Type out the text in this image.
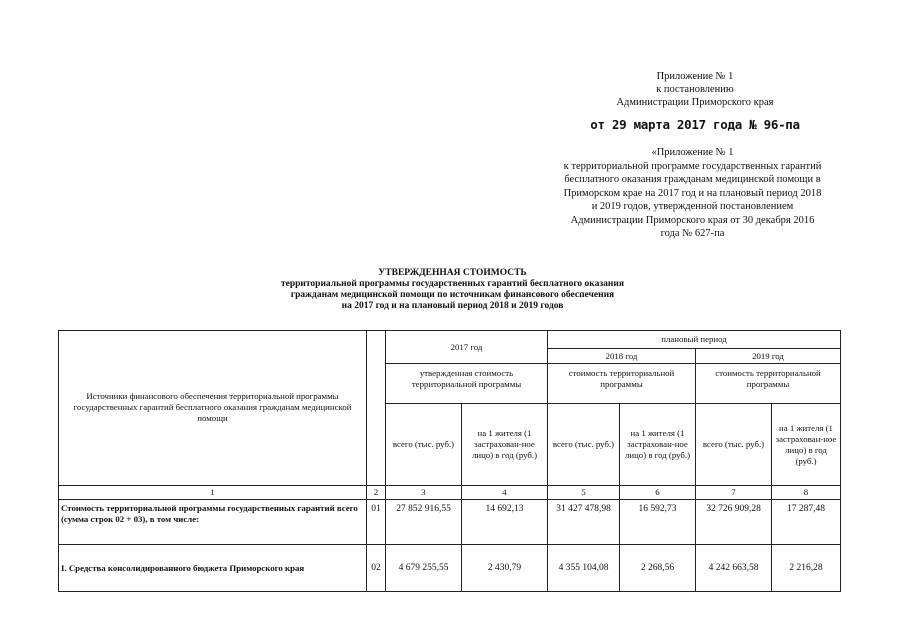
Приложение № 1
к постановлению
Администрации Приморского края
от 29 марта 2017 года № 96-па
«Приложение № 1
к территориальной программе государственных гарантий
бесплатного оказания гражданам медицинской помощи в
Приморском крае на 2017 год и на плановый период 2018
и 2019 годов, утвержденной постановлением
Администрации Приморского края от 30 декабря 2016
года № 627-па
УТВЕРЖДЕННАЯ СТОИМОСТЬ
территориальной программы государственных гарантий бесплатного оказания
гражданам медицинской помощи по источникам финансового обеспечения
на 2017 год и на плановый период 2018 и 2019 годов
Источники финансового обеспечения территориальной программы государственных гарантий бесплатного оказания гражданам медицинской помощи		2017 год		плановый период			
				2018 год		2019 год	
		утвержденная стоимость территориальной программы		стоимость территориальной программы		стоимость территориальной программы	
		всего (тыс. руб.)	на 1 жителя (1 застрахован-ное лицо) в год (руб.)	всего (тыс. руб.)	на 1 жителя (1 застрахован-ное лицо) в год (руб.)	всего (тыс. руб.)	на 1 жителя (1 застрахован-ное лицо) в год (руб.)
1	2	3	4	5	6	7	8
Стоимость территориальной программы государственных гарантий всего (сумма строк 02 + 03), в том числе:	01	27 852 916,55	14 692,13	31 427 478,98	16 592,73	32 726 909,28	17 287,48
I. Средства консолидированного бюджета Приморского края	02	4 679 255,55	2 430,79	4 355 104,08	2 268,56	4 242 663,58	2 216,28
